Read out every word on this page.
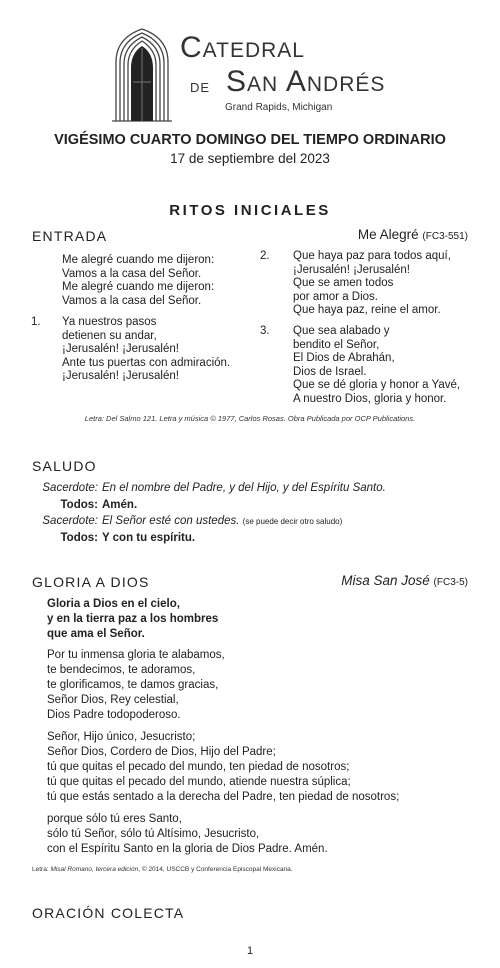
Catedral
de San Andrés
Grand Rapids, Michigan
VIGÉSIMO CUARTO DOMINGO DEL TIEMPO ORDINARIO
17 de septiembre del 2023
RITOS INICIALES
ENTRADA	Me Alegré (FC3-551)
Me alegré cuando me dijeron:
Vamos a la casa del Señor.
Me alegré cuando me dijeron:
Vamos a la casa del Señor.
1. Ya nuestros pasos
detienen su andar,
¡Jerusalén! ¡Jerusalén!
Ante tus puertas con admiración.
¡Jerusalén! ¡Jerusalén!
2. Que haya paz para todos aquí,
¡Jerusalén! ¡Jerusalén!
Que se amen todos
por amor a Dios.
Que haya paz, reine el amor.
3. Que sea alabado y
bendito el Señor,
El Dios de Abrahán,
Dios de Israel.
Que se dé gloria y honor a Yavé,
A nuestro Dios, gloria y honor.
Letra: Del Salmo 121. Letra y música © 1977, Carlos Rosas. Obra Publicada por OCP Publications.
SALUDO
Sacerdote: En el nombre del Padre, y del Hijo, y del Espíritu Santo.
Todos: Amén.
Sacerdote: El Señor esté con ustedes. (se puede decir otro saludo)
Todos: Y con tu espíritu.
GLORIA A DIOS	Misa San José (FC3-5)
Gloria a Dios en el cielo,
y en la tierra paz a los hombres
que ama el Señor.
Por tu inmensa gloria te alabamos,
te bendecimos, te adoramos,
te glorificamos, te damos gracias,
Señor Dios, Rey celestial,
Dios Padre todopoderoso.
Señor, Hijo único, Jesucristo;
Señor Dios, Cordero de Dios, Hijo del Padre;
tú que quitas el pecado del mundo, ten piedad de nosotros;
tú que quitas el pecado del mundo, atiende nuestra súplica;
tú que estás sentado a la derecha del Padre, ten piedad de nosotros;
porque sólo tú eres Santo,
sólo tú Señor, sólo tú Altísimo, Jesucristo,
con el Espíritu Santo en la gloria de Dios Padre. Amén.
Letra: Misal Romano, tercera edición, © 2014, USCCB y Conferencia Episcopal Mexicana.
ORACIÓN COLECTA
1
